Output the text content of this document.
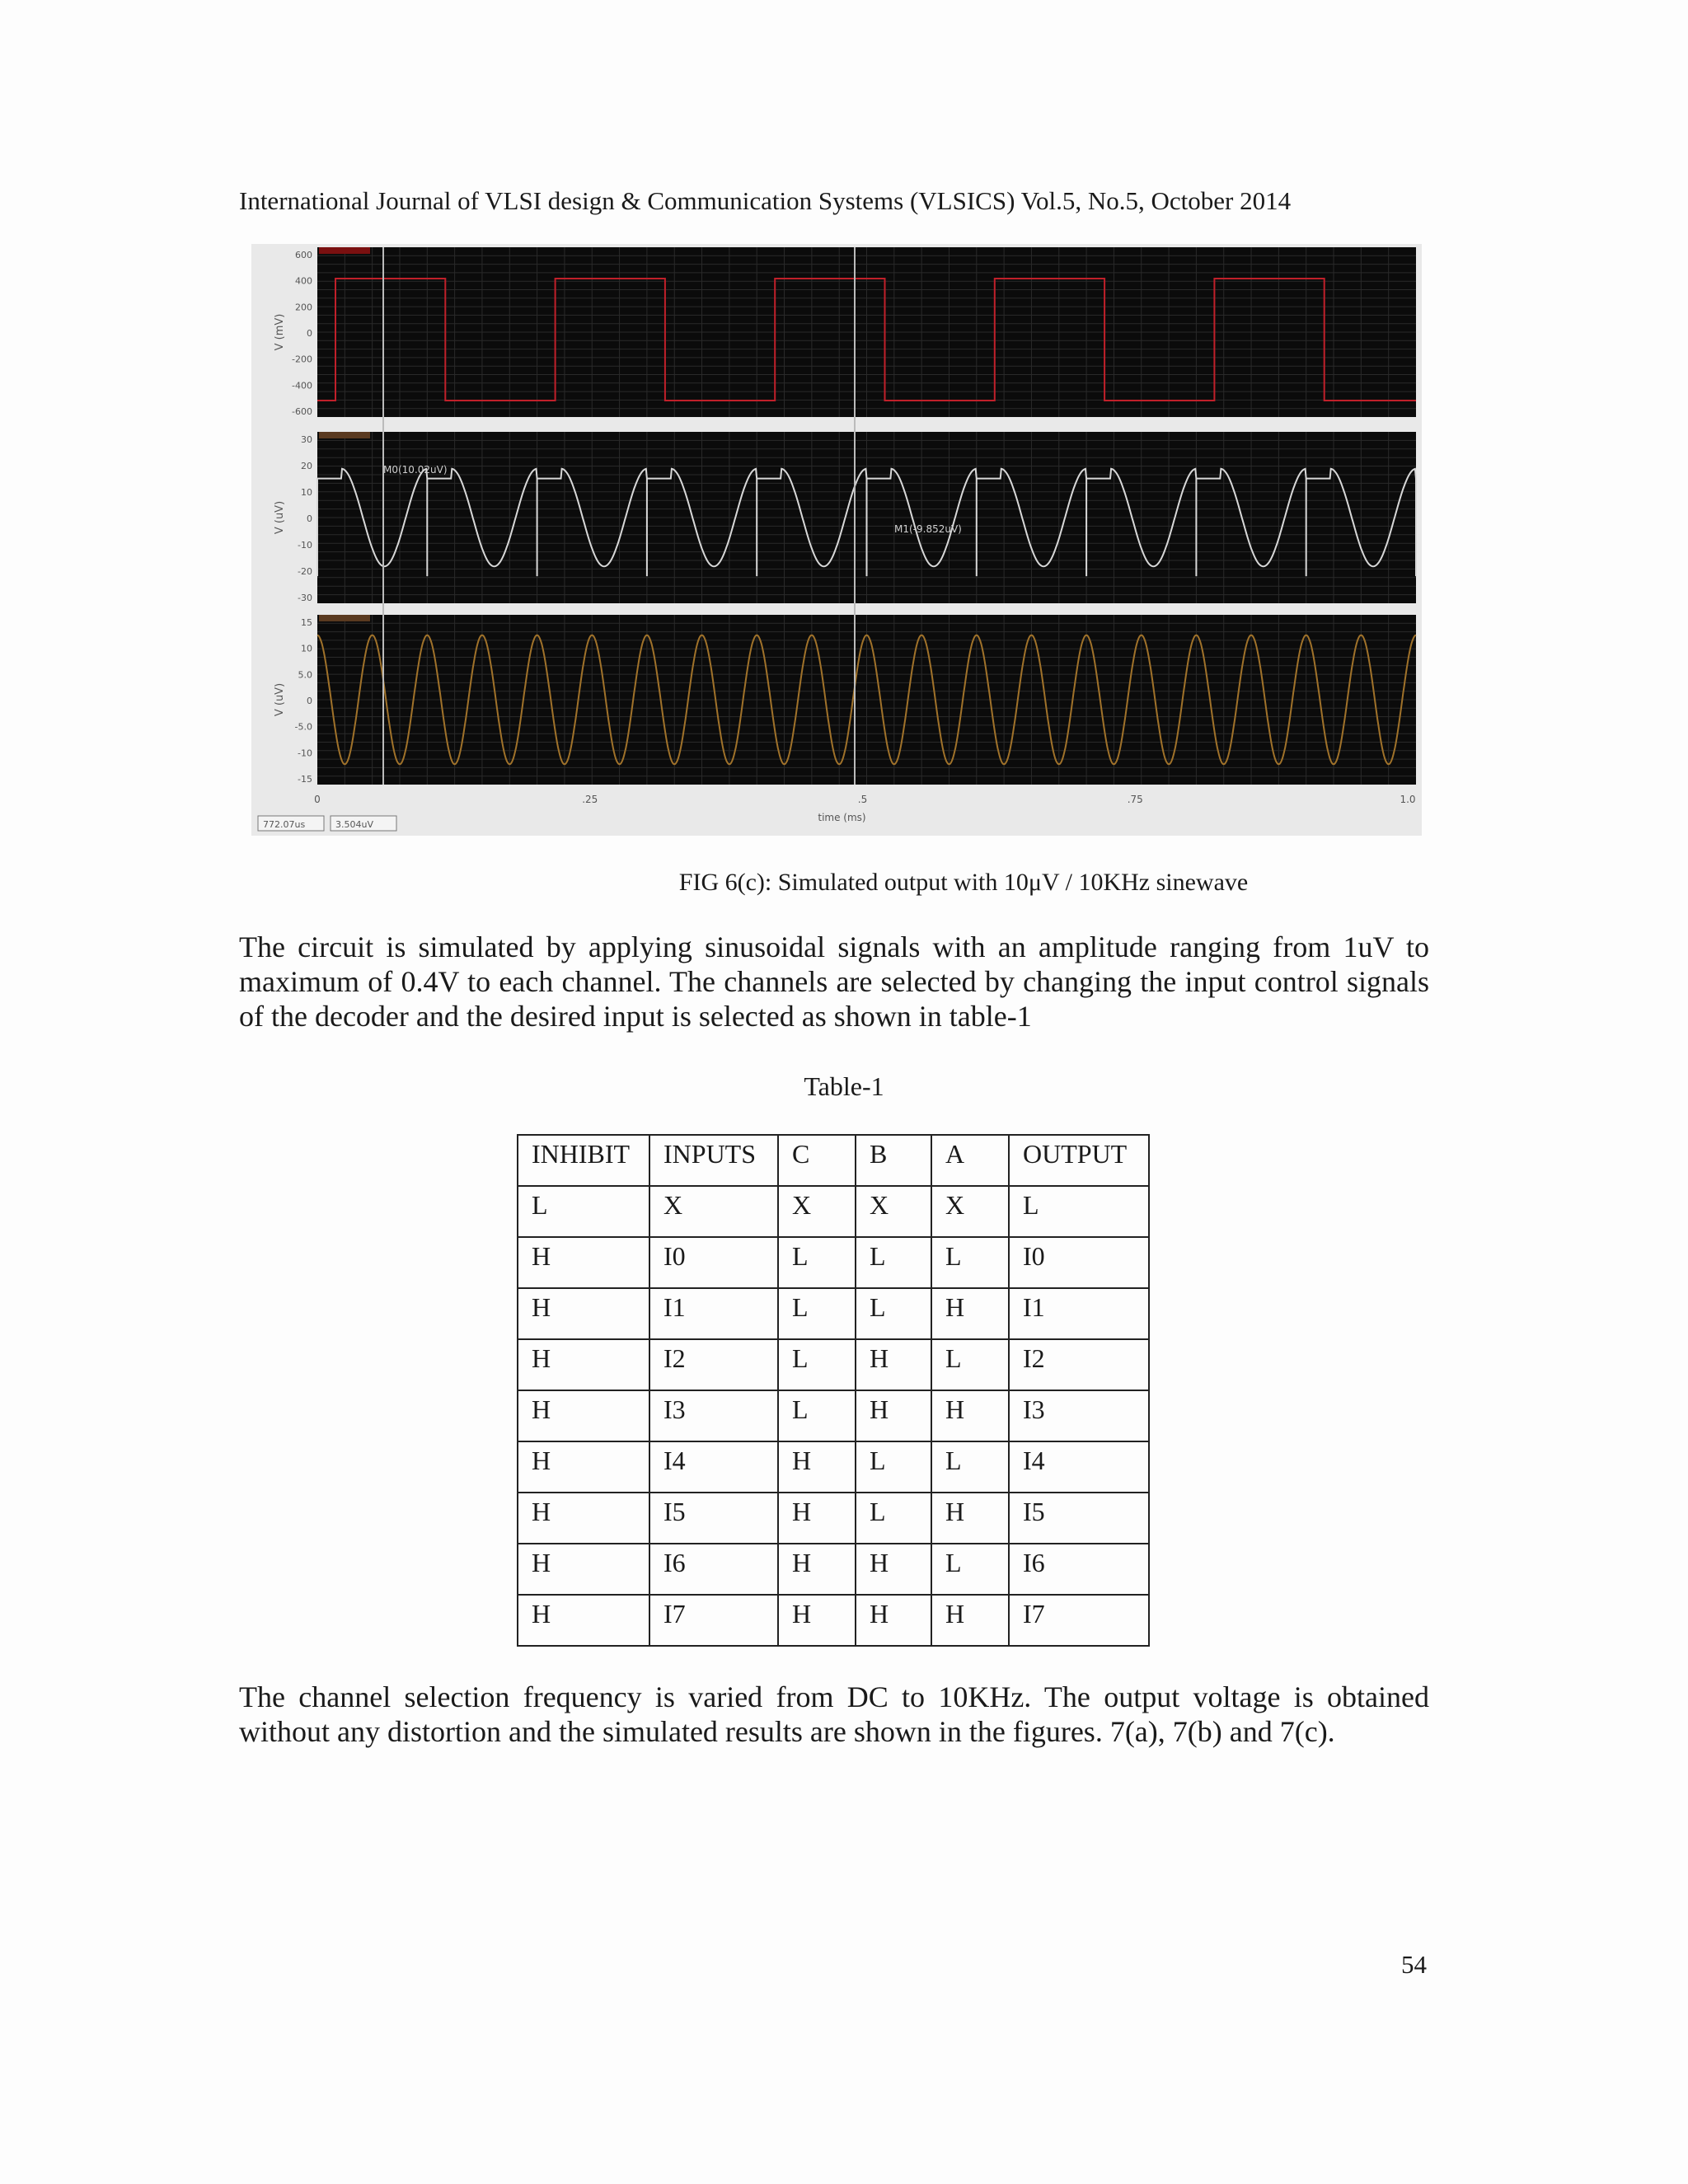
International Journal of VLSI design & Communication Systems (VLSICS) Vol.5, No.5, October 2014
600
400
200
0
-200
-400
-600
V (mV)
30
20
10
0
-10
-20
-30
V (uV)
M0(10.02uV)
M1(-9.852uV)
15
10
5.0
0
-5.0
-10
-15
V (uV)
0	.25	.5	.75	1.0
time (ms)
772.07us	3.504uV
FIG 6(c): Simulated output with 10μV / 10KHz sinewave
The circuit is simulated by applying sinusoidal signals with an amplitude ranging from 1uV to maximum of 0.4V to each channel. The channels are selected by changing the input control signals of the decoder and the desired input is selected as shown in table-1
Table-1
INHIBIT	INPUTS	C	B	A	OUTPUT
L	X	X	X	X	L
H	I0	L	L	L	I0
H	I1	L	L	H	I1
H	I2	L	H	L	I2
H	I3	L	H	H	I3
H	I4	H	L	L	I4
H	I5	H	L	H	I5
H	I6	H	H	L	I6
H	I7	H	H	H	I7
The channel selection frequency is varied from DC to 10KHz. The output voltage is obtained without any distortion and the simulated results are shown in the figures. 7(a), 7(b) and 7(c).
54
